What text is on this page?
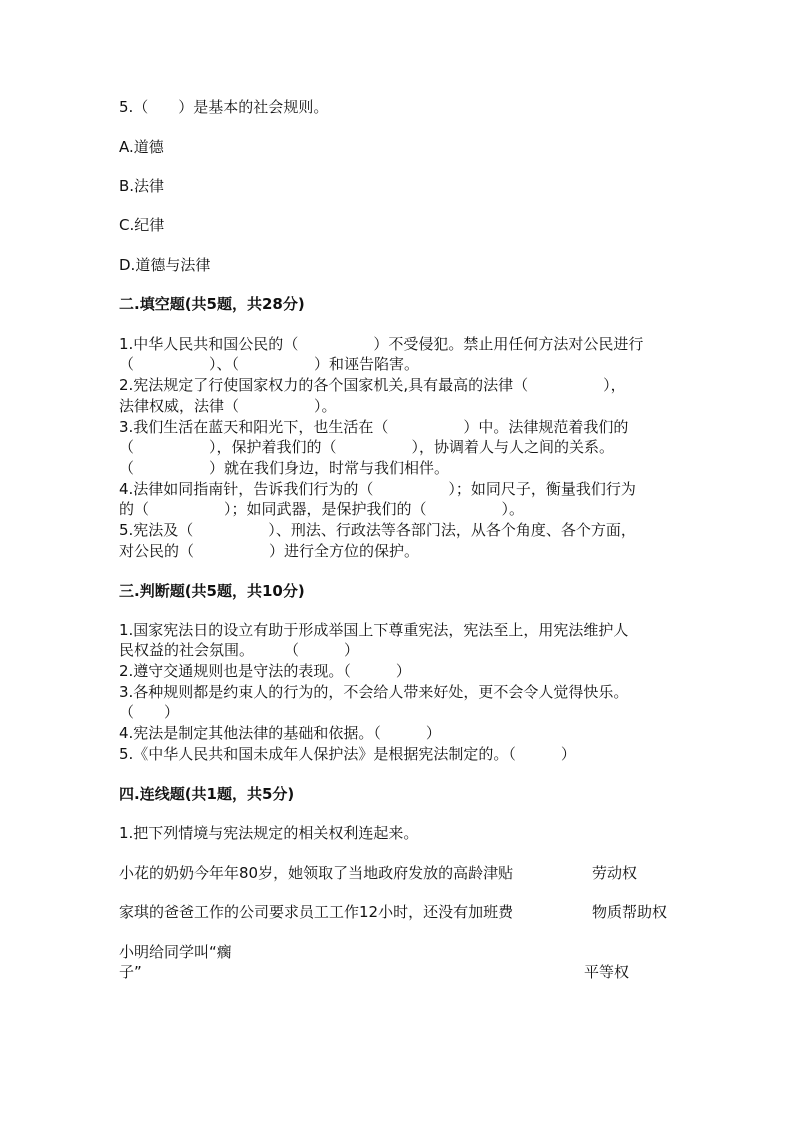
5.（　　）是基本的社会规则。
A.道德
B.法律
C.纪律
D.道德与法律
二.填空题(共5题，共28分)
1.中华人民共和国公民的（　　　　　）不受侵犯。禁止用任何方法对公民进行
（　　　　　）、（　　　　　）和诬告陷害。
2.宪法规定了行使国家权力的各个国家机关,具有最高的法律（　　　　　），
法律权威，法律（　　　　　）。
3.我们生活在蓝天和阳光下，也生活在（　　　　　）中。法律规范着我们的
（　　　　　），保护着我们的（　　　　　），协调着人与人之间的关系。
（　　　　　）就在我们身边，时常与我们相伴。
4.法律如同指南针，告诉我们行为的（　　　　　）；如同尺子，衡量我们行为
的（　　　　　）；如同武器，是保护我们的（　　　　　）。
5.宪法及（　　　　　）、刑法、行政法等各部门法，从各个角度、各个方面，
对公民的（　　　　　）进行全方位的保护。
三.判断题(共5题，共10分)
1.国家宪法日的设立有助于形成举国上下尊重宪法，宪法至上，用宪法维护人
民权益的社会氛围。　　　（　　　）
2.遵守交通规则也是守法的表现。（　　　）
3.各种规则都是约束人的行为的，不会给人带来好处，更不会令人觉得快乐。
（　　）
4.宪法是制定其他法律的基础和依据。（　　　）
5.《中华人民共和国未成年人保护法》是根据宪法制定的。（　　　）
四.连线题(共1题，共5分)
1.把下列情境与宪法规定的相关权利连起来。
小花的奶奶今年年80岁，她领取了当地政府发放的高龄津贴	劳动权
家琪的爸爸工作的公司要求员工工作12小时，还没有加班费	物质帮助权
小明给同学叫“瘸
子”	平等权
